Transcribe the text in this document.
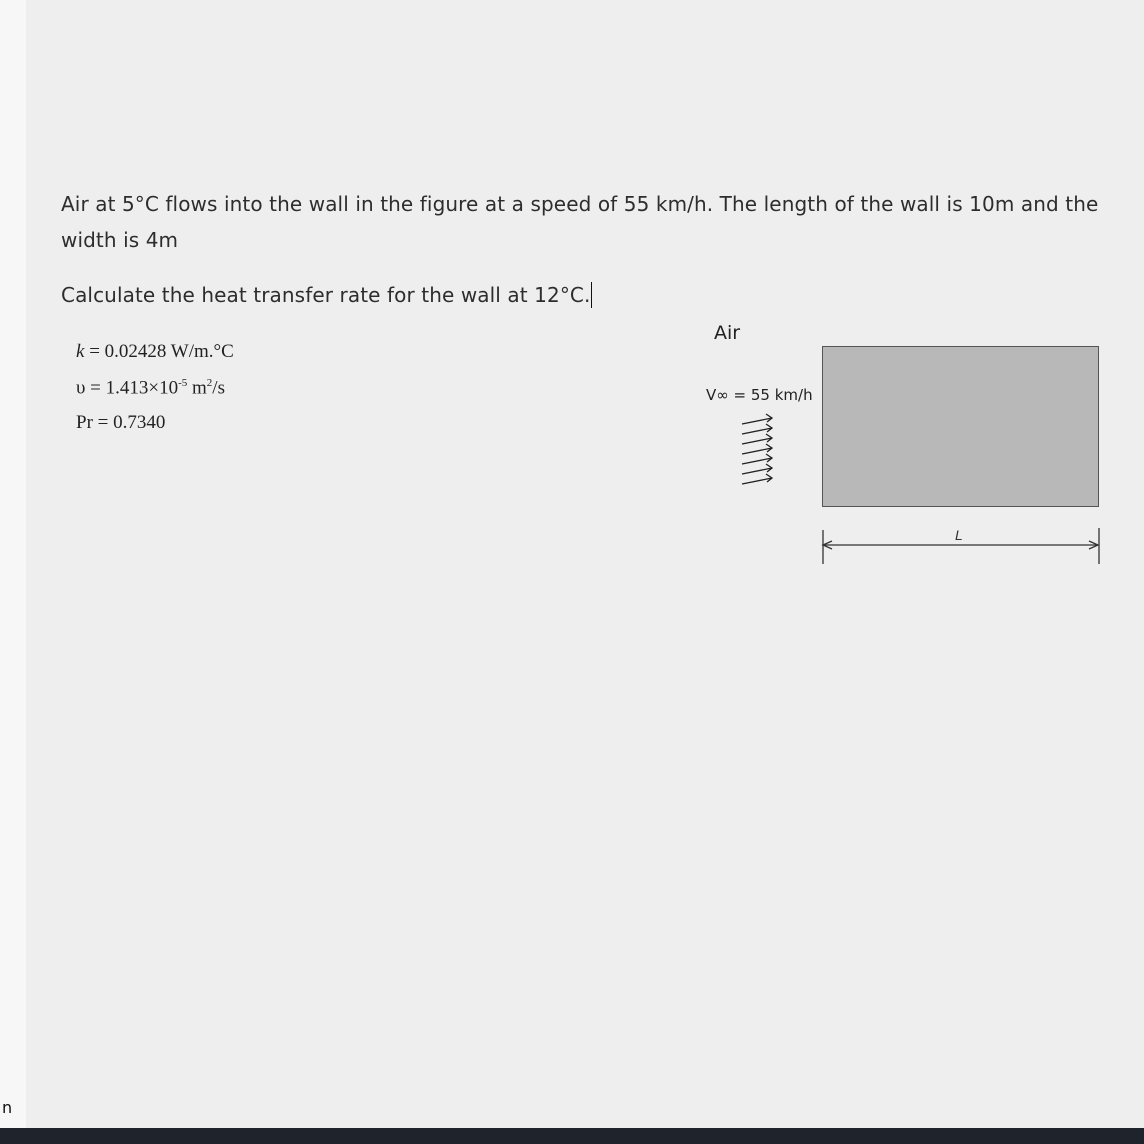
n
Air at 5°C flows into the wall in the figure at a speed of 55 km/h. The length of the wall is 10m and the
width is 4m
Calculate the heat transfer rate for the wall at 12°C.
k = 0.02428 W/m.°C
$\upsilon = 1.413\times 10^{-5}$ $m^2/s$
Pr = 0.7340
Air
V∞ = 55 km/h
L
